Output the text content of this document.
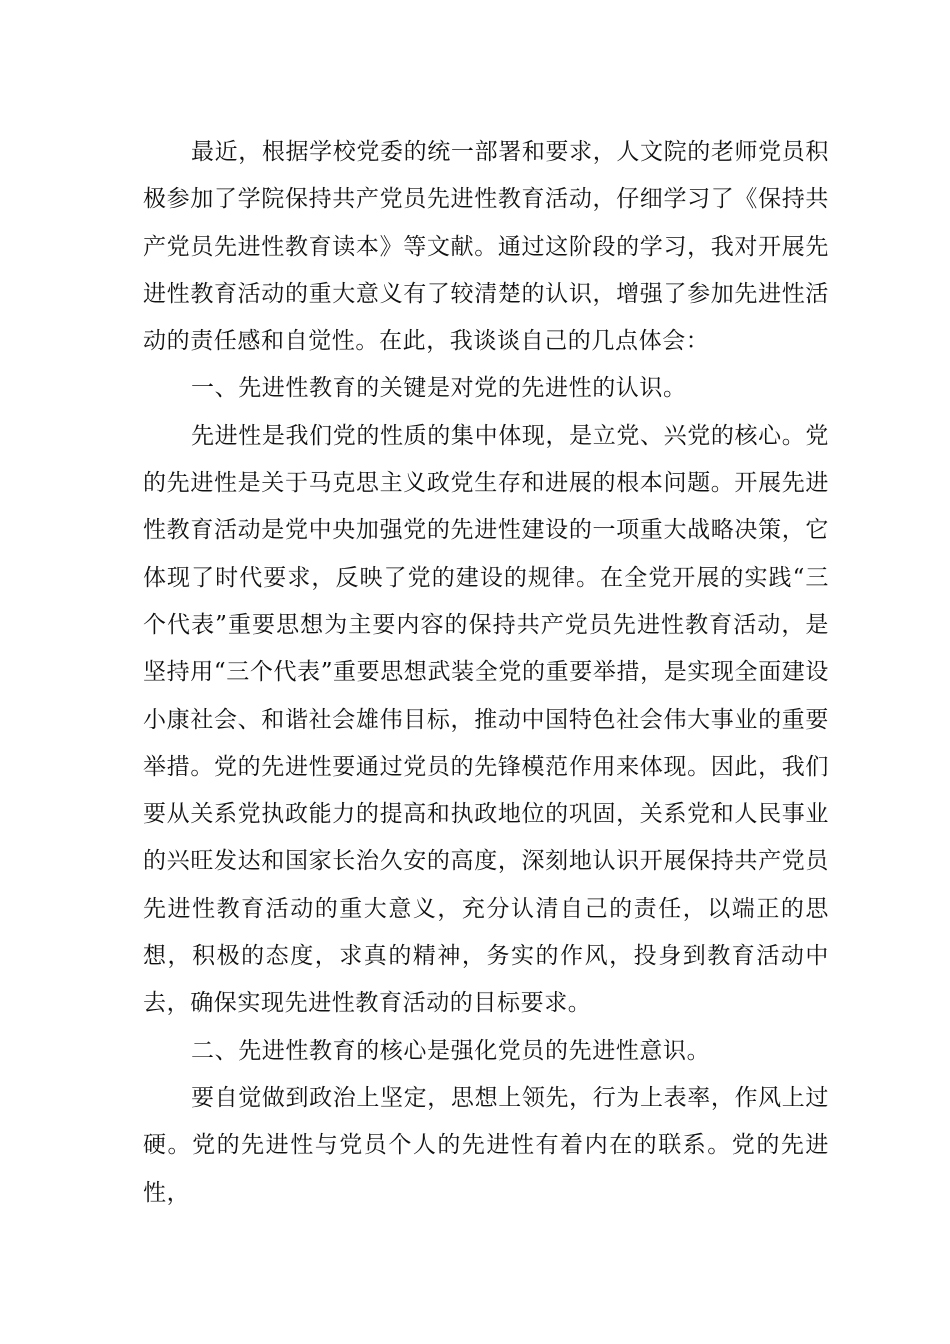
最近，根据学校党委的统一部署和要求，人文院的老师党员积极参加了学院保持共产党员先进性教育活动，仔细学习了《保持共产党员先进性教育读本》等文献。通过这阶段的学习，我对开展先进性教育活动的重大意义有了较清楚的认识，增强了参加先进性活动的责任感和自觉性。在此，我谈谈自己的几点体会：

一、先进性教育的关键是对党的先进性的认识。

先进性是我们党的性质的集中体现，是立党、兴党的核心。党的先进性是关于马克思主义政党生存和进展的根本问题。开展先进性教育活动是党中央加强党的先进性建设的一项重大战略决策，它体现了时代要求，反映了党的建设的规律。在全党开展的实践“三个代表”重要思想为主要内容的保持共产党员先进性教育活动，是坚持用“三个代表”重要思想武装全党的重要举措，是实现全面建设小康社会、和谐社会雄伟目标，推动中国特色社会伟大事业的重要举措。党的先进性要通过党员的先锋模范作用来体现。因此，我们要从关系党执政能力的提高和执政地位的巩固，关系党和人民事业的兴旺发达和国家长治久安的高度，深刻地认识开展保持共产党员先进性教育活动的重大意义，充分认清自己的责任，以端正的思想，积极的态度，求真的精神，务实的作风，投身到教育活动中去，确保实现先进性教育活动的目标要求。

二、先进性教育的核心是强化党员的先进性意识。

要自觉做到政治上坚定，思想上领先，行为上表率，作风上过硬。党的先进性与党员个人的先进性有着内在的联系。党的先进性，
